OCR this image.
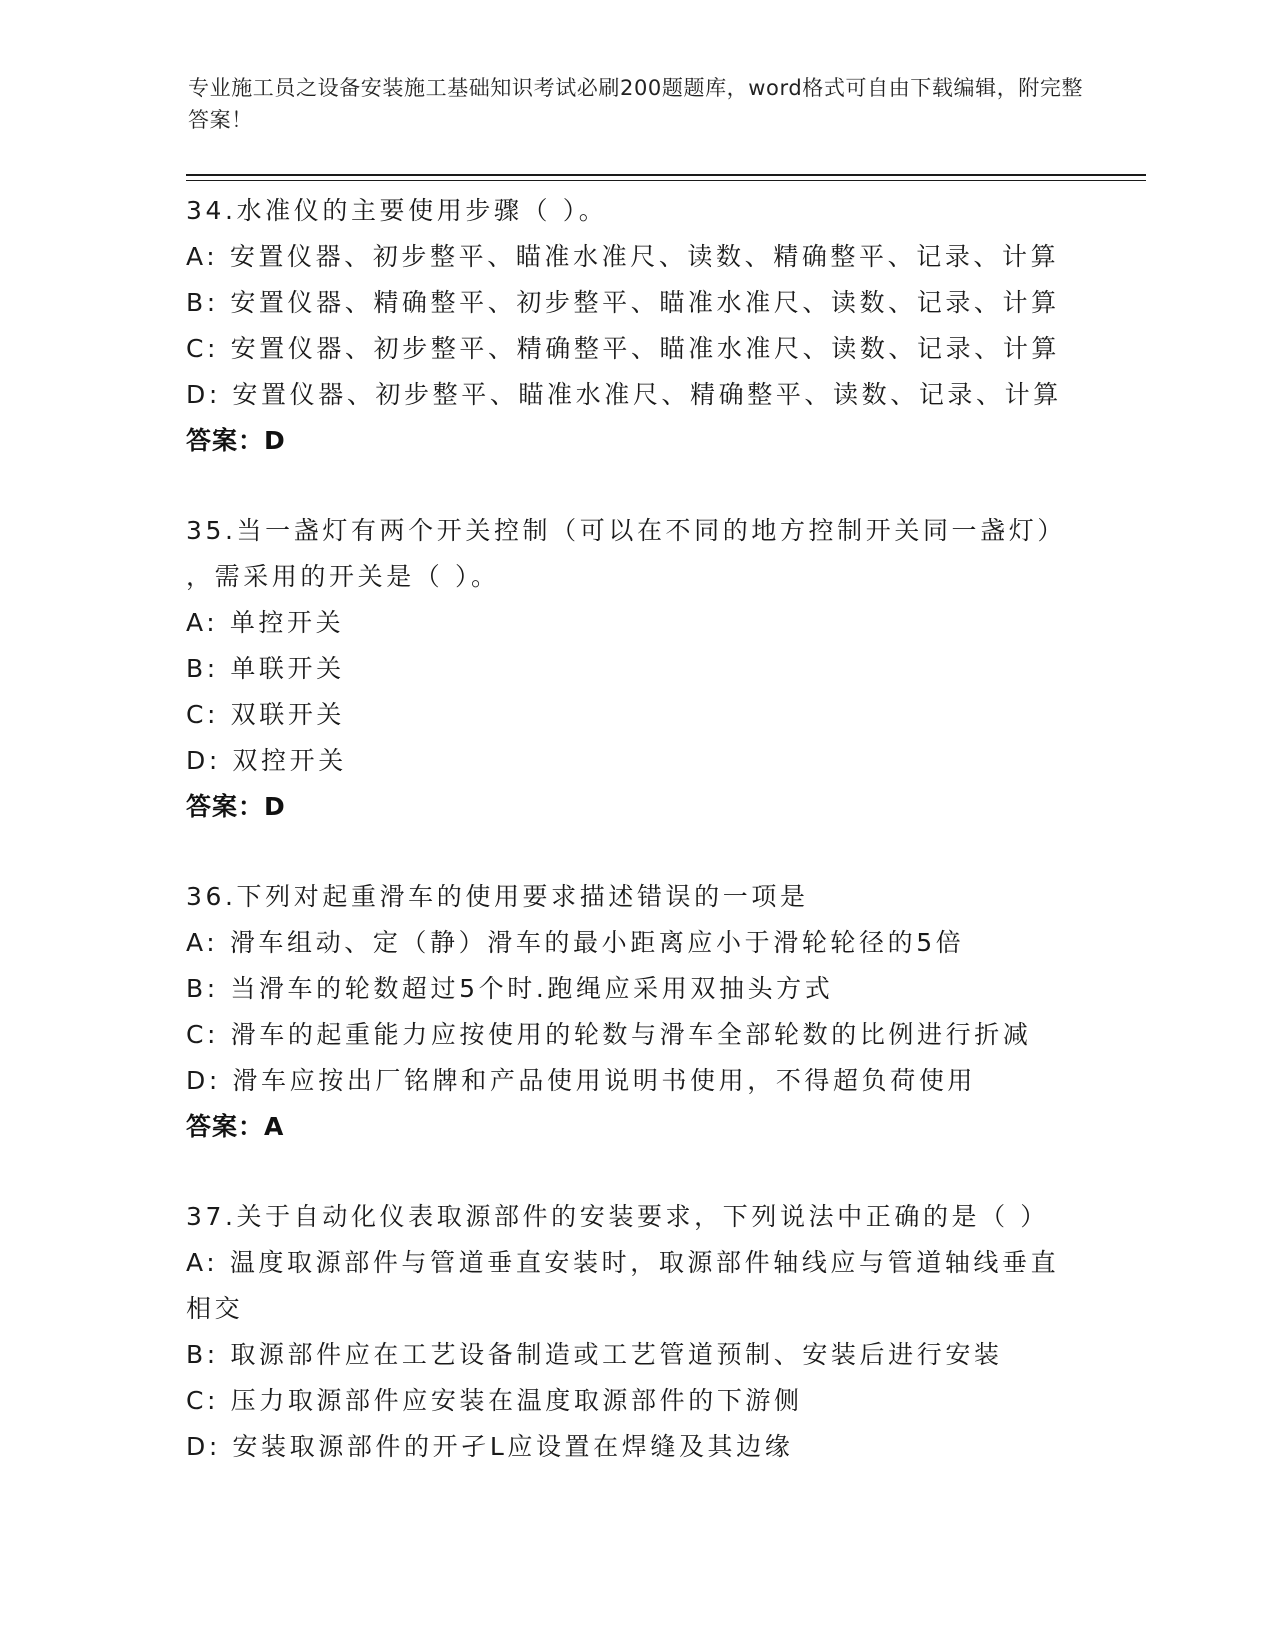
专业施工员之设备安装施工基础知识考试必刷200题题库，word格式可自由下载编辑，附完整答案！
34.水准仪的主要使用步骤（ ）。
A: 安置仪器、初步整平、瞄准水准尺、读数、精确整平、记录、计算
B: 安置仪器、精确整平、初步整平、瞄准水准尺、读数、记录、计算
C: 安置仪器、初步整平、精确整平、瞄准水准尺、读数、记录、计算
D: 安置仪器、初步整平、瞄准水准尺、精确整平、读数、记录、计算
答案：D
35.当一盏灯有两个开关控制（可以在不同的地方控制开关同一盏灯）
，需采用的开关是（ ）。
A: 单控开关
B: 单联开关
C: 双联开关
D: 双控开关
答案：D
36.下列对起重滑车的使用要求描述错误的一项是
A: 滑车组动、定（静）滑车的最小距离应小于滑轮轮径的5倍
B: 当滑车的轮数超过5个时.跑绳应采用双抽头方式
C: 滑车的起重能力应按使用的轮数与滑车全部轮数的比例进行折减
D: 滑车应按出厂铭牌和产品使用说明书使用，不得超负荷使用
答案：A
37.关于自动化仪表取源部件的安装要求，下列说法中正确的是（ ）
A: 温度取源部件与管道垂直安装时，取源部件轴线应与管道轴线垂直
相交
B: 取源部件应在工艺设备制造或工艺管道预制、安装后进行安装
C: 压力取源部件应安装在温度取源部件的下游侧
D: 安装取源部件的开孑L应设置在焊缝及其边缘
